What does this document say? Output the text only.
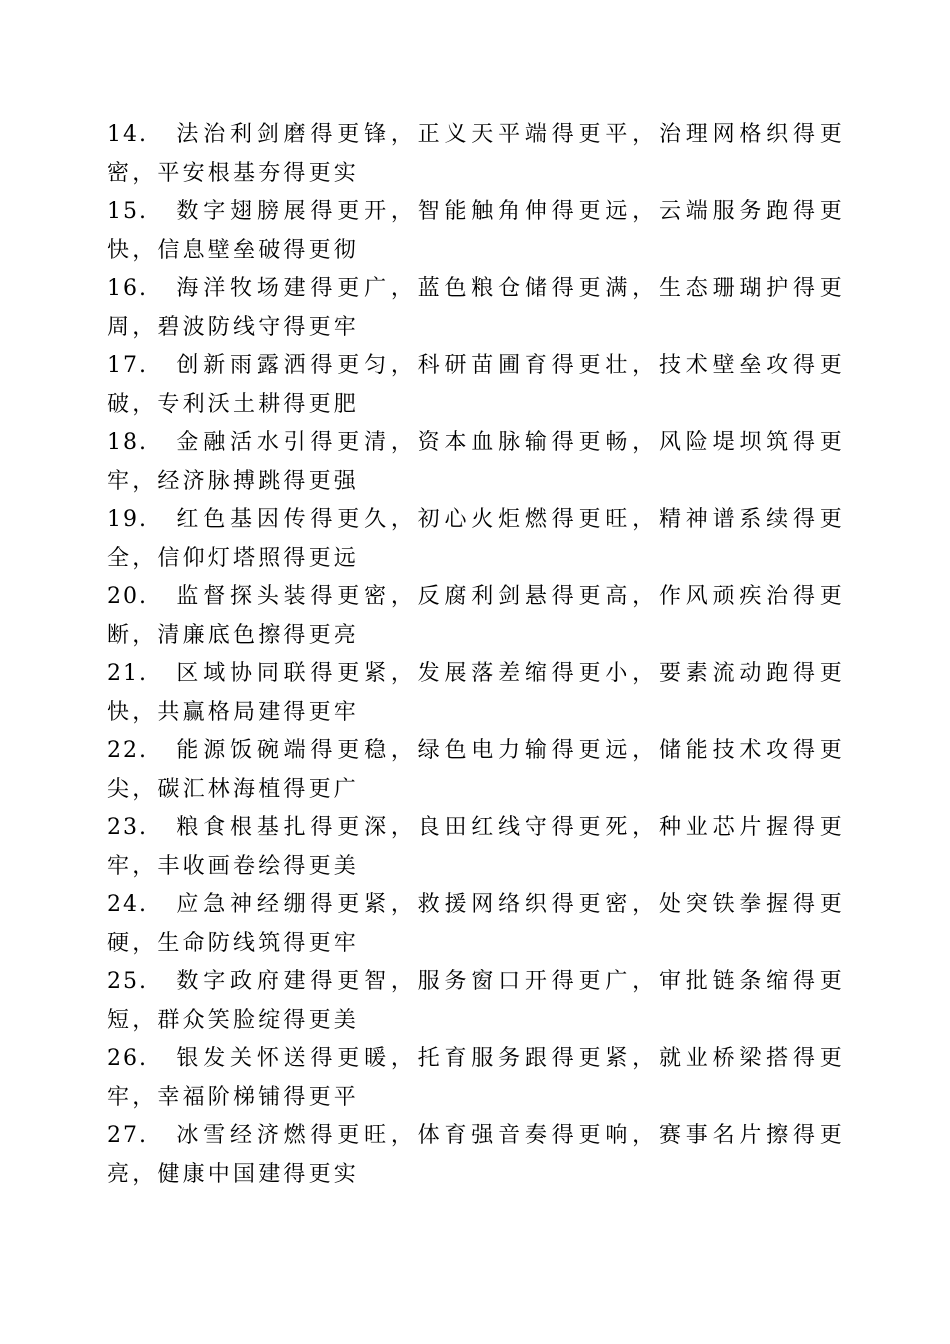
14.　 法治利剑磨得更锋，正义天平端得更平，治理网格织得更密，平安根基夯得更实
15.　 数字翅膀展得更开，智能触角伸得更远，云端服务跑得更快，信息壁垒破得更彻
16.　 海洋牧场建得更广，蓝色粮仓储得更满，生态珊瑚护得更周，碧波防线守得更牢
17.　 创新雨露洒得更匀，科研苗圃育得更壮，技术壁垒攻得更破，专利沃土耕得更肥
18.　 金融活水引得更清，资本血脉输得更畅，风险堤坝筑得更牢，经济脉搏跳得更强
19.　 红色基因传得更久，初心火炬燃得更旺，精神谱系续得更全，信仰灯塔照得更远
20.　 监督探头装得更密，反腐利剑悬得更高，作风顽疾治得更断，清廉底色擦得更亮
21.　 区域协同联得更紧，发展落差缩得更小，要素流动跑得更快，共赢格局建得更牢
22.　 能源饭碗端得更稳，绿色电力输得更远，储能技术攻得更尖，碳汇林海植得更广
23.　 粮食根基扎得更深，良田红线守得更死，种业芯片握得更牢，丰收画卷绘得更美
24.　 应急神经绷得更紧，救援网络织得更密，处突铁拳握得更硬，生命防线筑得更牢
25.　 数字政府建得更智，服务窗口开得更广，审批链条缩得更短，群众笑脸绽得更美
26.　 银发关怀送得更暖，托育服务跟得更紧，就业桥梁搭得更牢，幸福阶梯铺得更平
27.　 冰雪经济燃得更旺，体育强音奏得更响，赛事名片擦得更亮，健康中国建得更实
